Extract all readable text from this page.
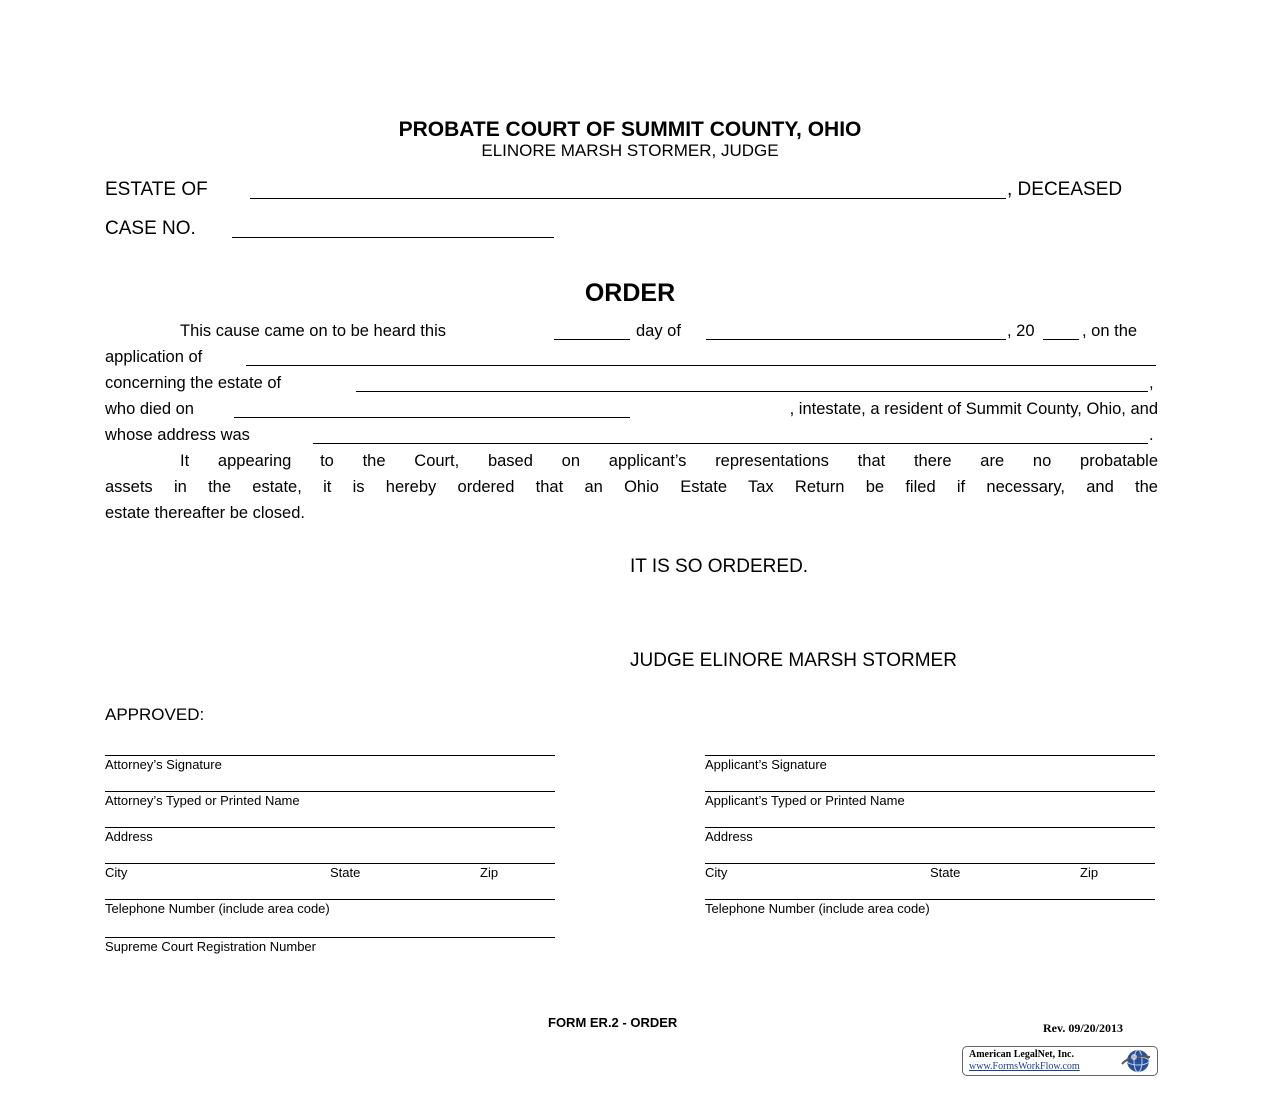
PROBATE COURT OF SUMMIT COUNTY, OHIO
ELINORE MARSH STORMER, JUDGE
ESTATE OF	, DECEASED
CASE NO.
ORDER
This cause came on to be heard this	day of	, 20	, on the
application of
concerning the estate of	,
who died on	, intestate, a resident of Summit County, Ohio, and
whose address was	.
It appearing to the Court, based on applicant’s representations that there are no probatable
assets in the estate, it is hereby ordered that an Ohio Estate Tax Return be filed if necessary, and the
estate thereafter be closed.
IT IS SO ORDERED.
JUDGE ELINORE MARSH STORMER
APPROVED:
Attorney’s Signature
Attorney’s Typed or Printed Name
Address
City	State	Zip
Telephone Number (include area code)
Supreme Court Registration Number
Applicant’s Signature
Applicant’s Typed or Printed Name
Address
City	State	Zip
Telephone Number (include area code)
FORM ER.2 - ORDER	Rev. 09/20/2013
American LegalNet, Inc.
www.FormsWorkFlow.com
